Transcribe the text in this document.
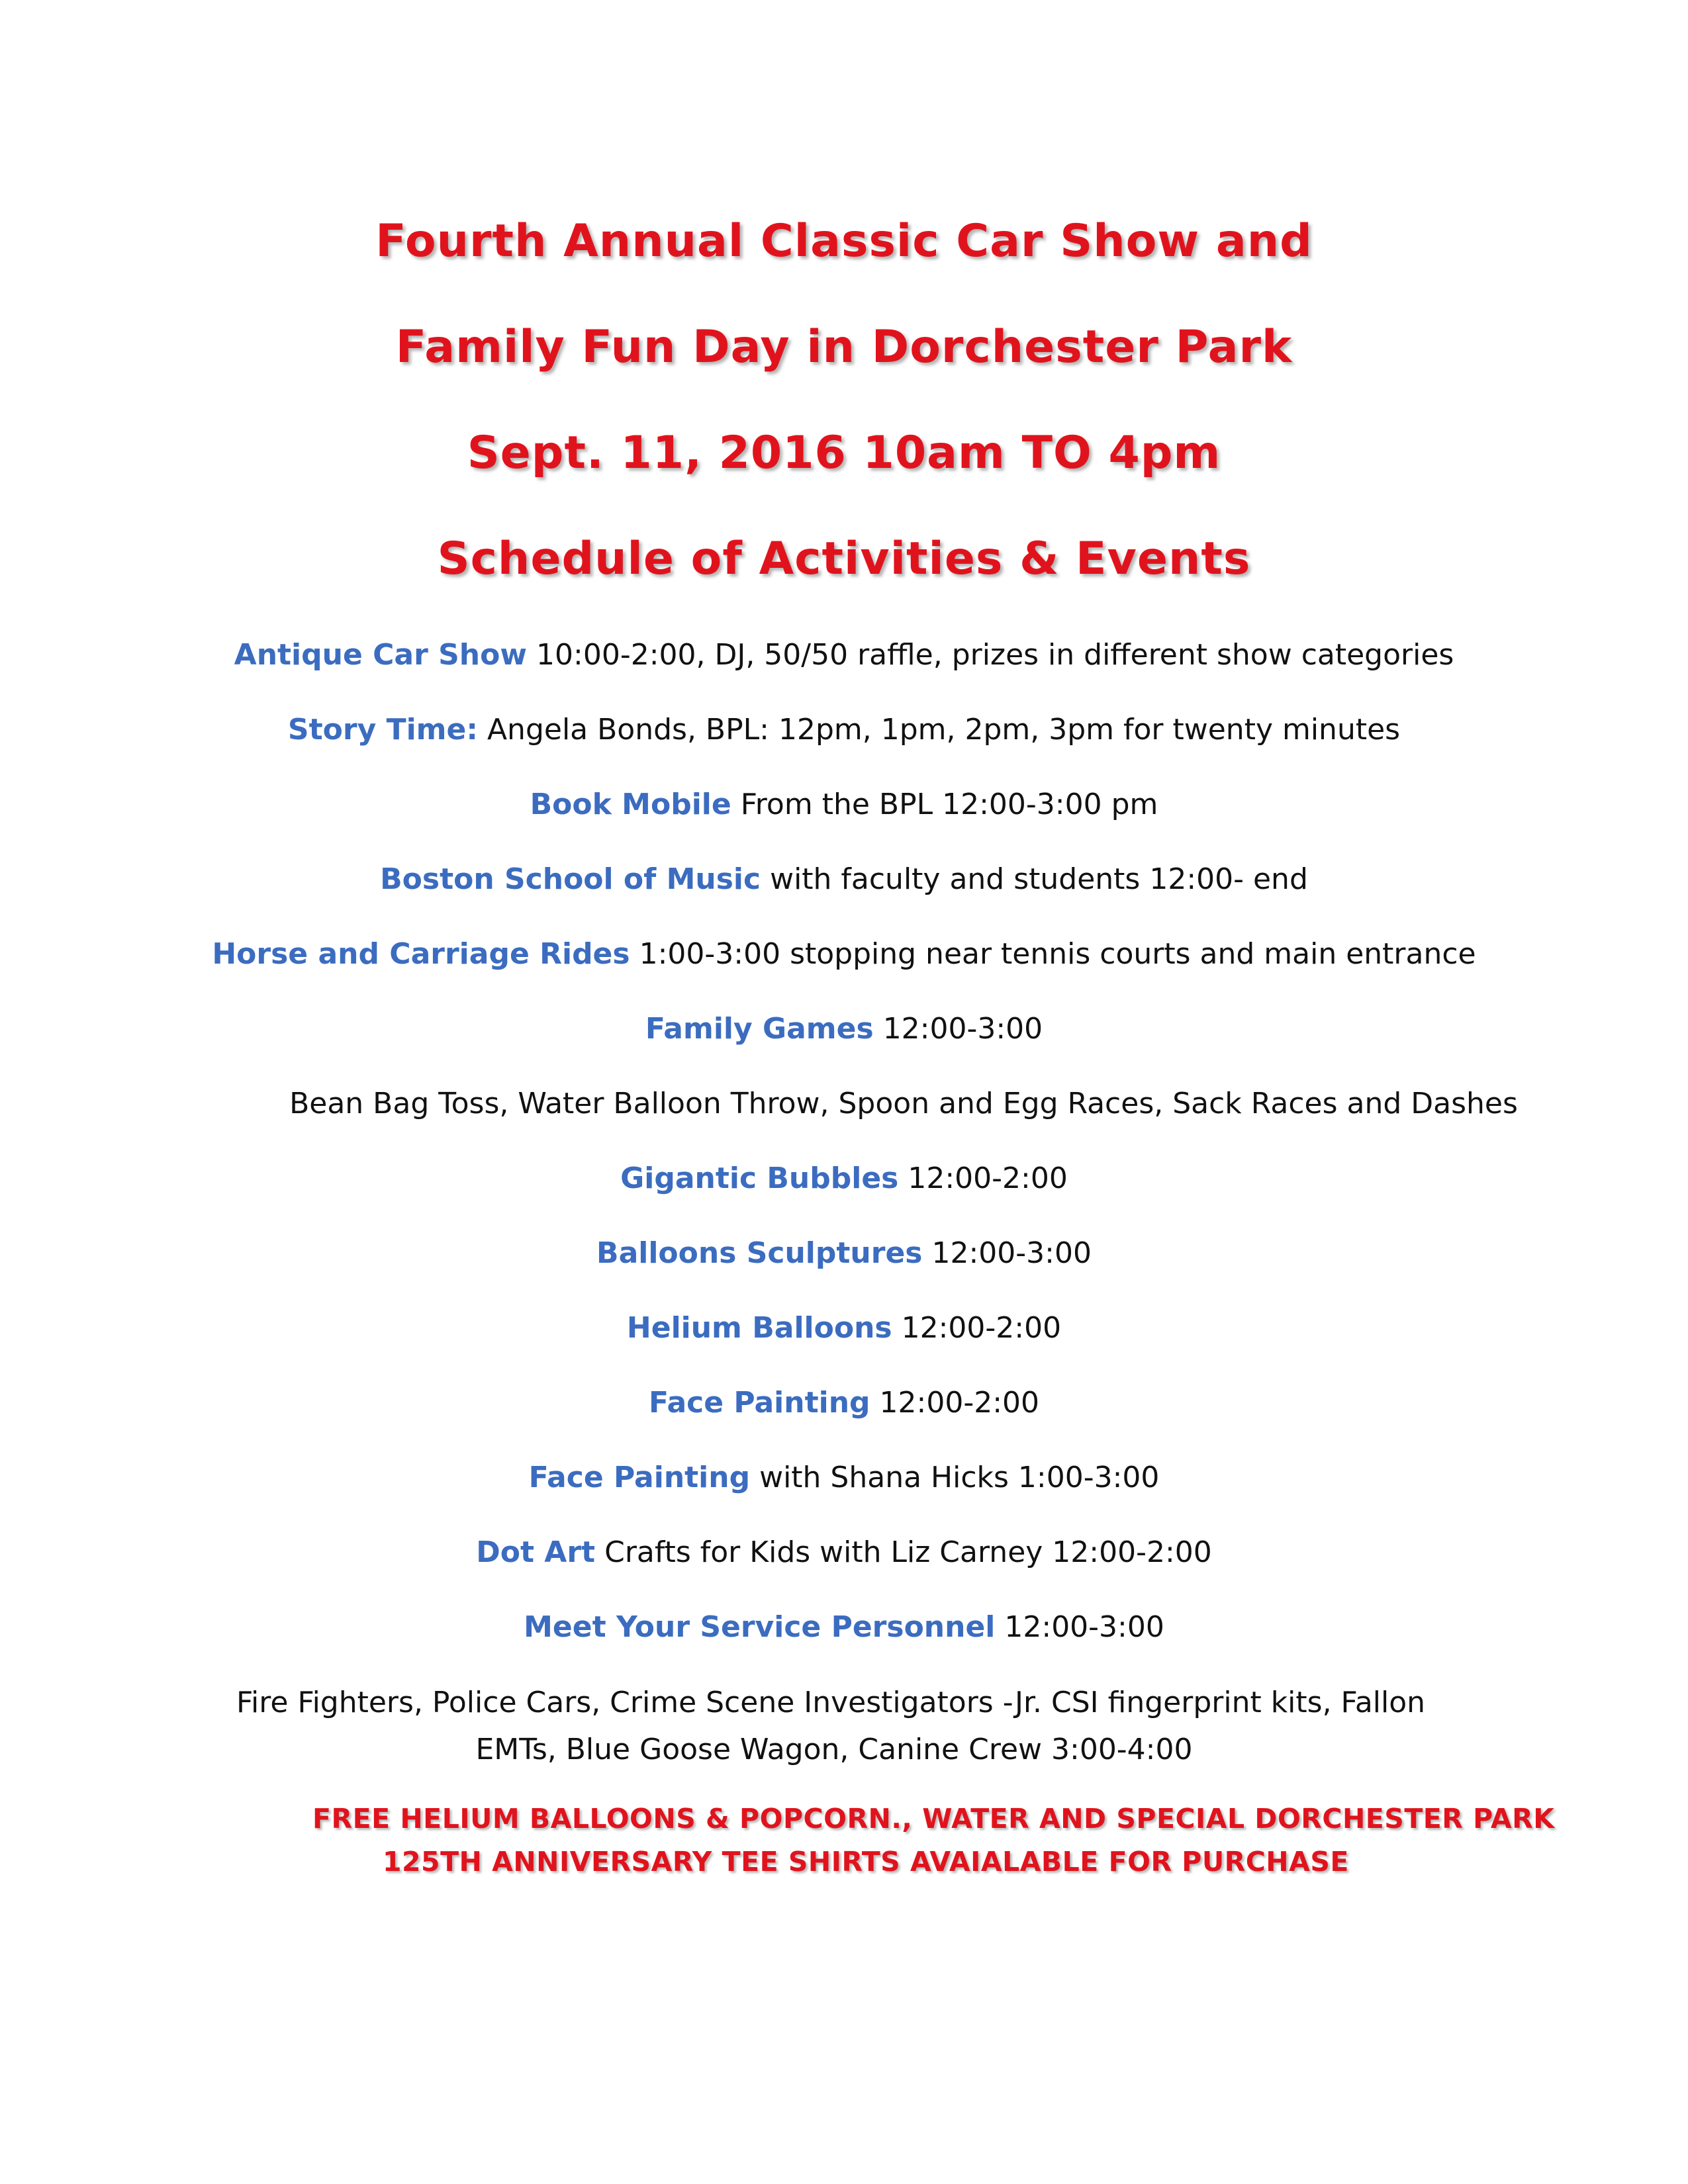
Fourth Annual Classic Car Show and
Family Fun Day in Dorchester Park
Sept. 11, 2016 10am TO 4pm
Schedule of Activities & Events
Antique Car Show 10:00-2:00, DJ, 50/50 raffle, prizes in different show categories
Story Time: Angela Bonds, BPL: 12pm, 1pm, 2pm, 3pm for twenty minutes
Book Mobile From the BPL 12:00-3:00 pm
Boston School of Music with faculty and students 12:00- end
Horse and Carriage Rides 1:00-3:00 stopping near tennis courts and main entrance
Family Games 12:00-3:00
Bean Bag Toss, Water Balloon Throw, Spoon and Egg Races, Sack Races and Dashes
Gigantic Bubbles 12:00-2:00
Balloons Sculptures 12:00-3:00
Helium Balloons 12:00-2:00
Face Painting 12:00-2:00
Face Painting with Shana Hicks 1:00-3:00
Dot Art Crafts for Kids with Liz Carney 12:00-2:00
Meet Your Service Personnel 12:00-3:00
Fire Fighters, Police Cars, Crime Scene Investigators -Jr. CSI fingerprint kits, Fallon
EMTs, Blue Goose Wagon, Canine Crew 3:00-4:00
FREE HELIUM BALLOONS & POPCORN., WATER AND SPECIAL DORCHESTER PARK
125TH ANNIVERSARY TEE SHIRTS AVAIALABLE FOR PURCHASE
